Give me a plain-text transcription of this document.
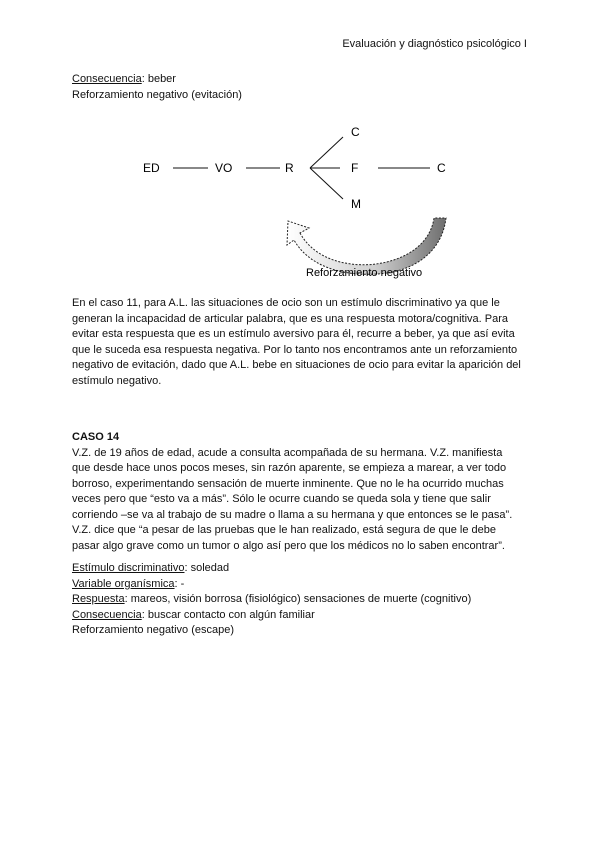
Evaluación y diagnóstico psicológico I
Consecuencia: beber
Reforzamiento negativo (evitación)
ED	VO	R
C
F
M
C
Reforzamiento negativo
En el caso 11, para A.L. las situaciones de ocio son un estímulo discriminativo ya que le
generan la incapacidad de articular palabra, que es una respuesta motora/cognitiva. Para
evitar esta respuesta que es un estímulo aversivo para él, recurre a beber, ya que así evita
que le suceda esa respuesta negativa. Por lo tanto nos encontramos ante un reforzamiento
negativo de evitación, dado que A.L. bebe en situaciones de ocio para evitar la aparición del
estímulo negativo.
CASO 14
V.Z. de 19 años de edad, acude a consulta acompañada de su hermana. V.Z. manifiesta
que desde hace unos pocos meses, sin razón aparente, se empieza a marear, a ver todo
borroso, experimentando sensación de muerte inminente. Que no le ha ocurrido muchas
veces pero que “esto va a más”. Sólo le ocurre cuando se queda sola y tiene que salir
corriendo –se va al trabajo de su madre o llama a su hermana y que entonces se le pasa”.
V.Z. dice que “a pesar de las pruebas que le han realizado, está segura de que le debe
pasar algo grave como un tumor o algo así pero que los médicos no lo saben encontrar”.
Estímulo discriminativo: soledad
Variable organísmica: -
Respuesta: mareos, visión borrosa (fisiológico) sensaciones de muerte (cognitivo)
Consecuencia: buscar contacto con algún familiar
Reforzamiento negativo (escape)
